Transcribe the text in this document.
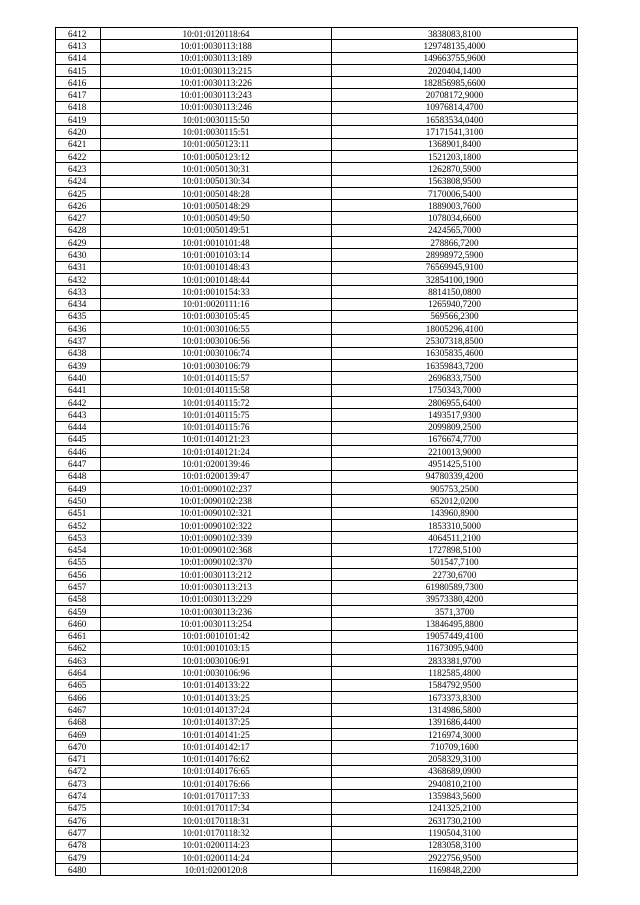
6412	10:01:0120118:64	3838083,8100
6413	10:01:0030113:188	129748135,4000
6414	10:01:0030113:189	149663755,9600
6415	10:01:0030113:215	2020404,1400
6416	10:01:0030113:226	182856985,6600
6417	10:01:0030113:243	20708172,9000
6418	10:01:0030113:246	10976814,4700
6419	10:01:0030115:50	16583534,0400
6420	10:01:0030115:51	17171541,3100
6421	10:01:0050123:11	1368901,8400
6422	10:01:0050123:12	1521203,1800
6423	10:01:0050130:31	1262870,5900
6424	10:01:0050130:34	1563808,9500
6425	10:01:0050148:28	7170006,5400
6426	10:01:0050148:29	1889003,7600
6427	10:01:0050149:50	1078034,6600
6428	10:01:0050149:51	2424565,7000
6429	10:01:0010101:48	278866,7200
6430	10:01:0010103:14	28998972,5900
6431	10:01:0010148:43	76569945,9100
6432	10:01:0010148:44	32854100,1900
6433	10:01:0010154:33	8814150,0800
6434	10:01:0020111:16	1265940,7200
6435	10:01:0030105:45	569566,2300
6436	10:01:0030106:55	18005296,4100
6437	10:01:0030106:56	25307318,8500
6438	10:01:0030106:74	16305835,4600
6439	10:01:0030106:79	16359843,7200
6440	10:01:0140115:57	2696833,7500
6441	10:01:0140115:58	1750343,7000
6442	10:01:0140115:72	2806955,6400
6443	10:01:0140115:75	1493517,9300
6444	10:01:0140115:76	2099809,2500
6445	10:01:0140121:23	1676674,7700
6446	10:01:0140121:24	2210013,9000
6447	10:01:0200139:46	4951425,5100
6448	10:01:0200139:47	94780339,4200
6449	10:01:0090102:237	905753,2500
6450	10:01:0090102:238	652012,0200
6451	10:01:0090102:321	143960,8900
6452	10:01:0090102:322	1853310,5000
6453	10:01:0090102:339	4064511,2100
6454	10:01:0090102:368	1727898,5100
6455	10:01:0090102:370	501547,7100
6456	10:01:0030113:212	22730,6700
6457	10:01:0030113:213	61980589,7300
6458	10:01:0030113:229	39573380,4200
6459	10:01:0030113:236	3571,3700
6460	10:01:0030113:254	13846495,8800
6461	10:01:0010101:42	19057449,4100
6462	10:01:0010103:15	11673095,9400
6463	10:01:0030106:91	2833381,9700
6464	10:01:0030106:96	1182585,4800
6465	10:01:0140133:22	1584792,9500
6466	10:01:0140133:25	1673373,8300
6467	10:01:0140137:24	1314986,5800
6468	10:01:0140137:25	1391686,4400
6469	10:01:0140141:25	1216974,3000
6470	10:01:0140142:17	710709,1600
6471	10:01:0140176:62	2058329,3100
6472	10:01:0140176:65	4368689,0900
6473	10:01:0140176:66	2940810,2100
6474	10:01:0170117:33	1359843,5600
6475	10:01:0170117:34	1241325,2100
6476	10:01:0170118:31	2631730,2100
6477	10:01:0170118:32	1190504,3100
6478	10:01:0200114:23	1283058,3100
6479	10:01:0200114:24	2922756,9500
6480	10:01:0200120:8	1169848,2200
